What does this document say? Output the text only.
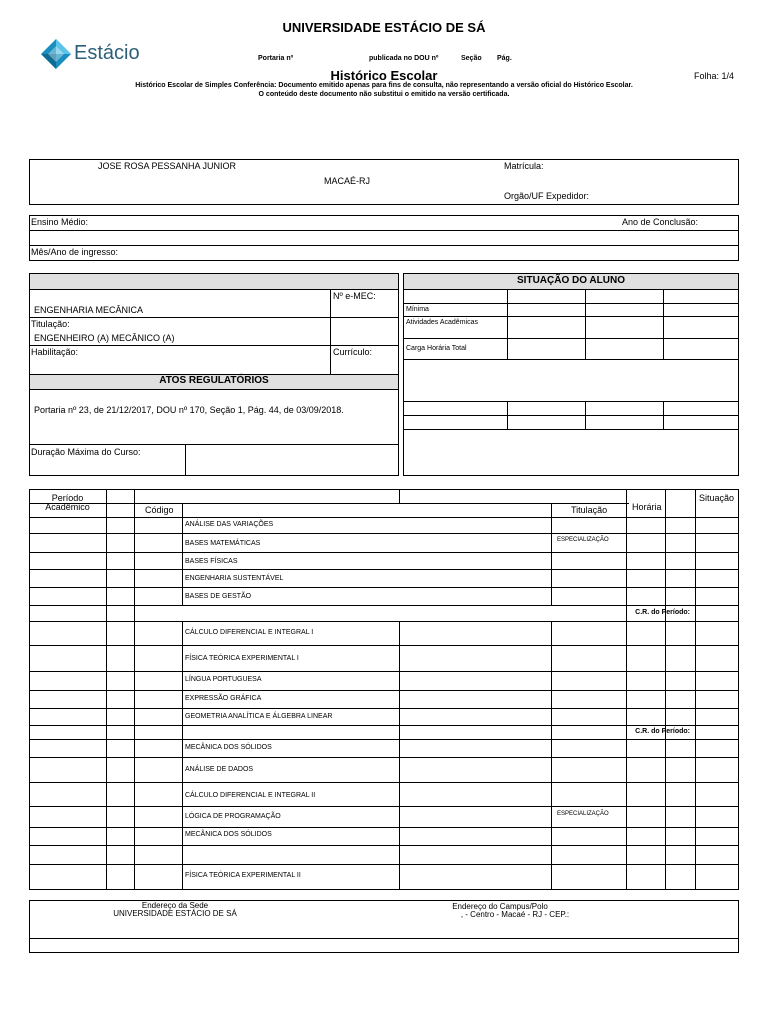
UNIVERSIDADE ESTÁCIO DE SÁ
Estácio	Portaria nº	publicada no DOU nº	Seção Pág.
Histórico Escolar	Folha: 1/4
Histórico Escolar de Simples Conferência: Documento emitido apenas para fins de consulta, não representando a versão oficial do Histórico Escolar.
O conteúdo deste documento não substitui o emitido na versão certificada.
JOSE ROSA PESSANHA JUNIOR	Matrícula:
MACAÉ-RJ
Orgão/UF Expedidor:
Ensino Médio:	Ano de Conclusão:
Mês/Ano de ingresso:
Nº e-MEC:
ENGENHARIA MECÂNICA
Titulação:
ENGENHEIRO (A) MECÂNICO (A)
Habilitação:	Currículo:
ATOS REGULATÓRIOS
Portaria nº 23, de 21/12/2017, DOU nº 170, Seção 1, Pág. 44, de 03/09/2018.
Duração Máxima do Curso:
SITUAÇÃO DO ALUNO
Mínima
Atividades Acadêmicas
Carga Horária Total
Período
Acadêmico	Código	Titulação	Horária
Situação
ANÁLISE DAS VARIAÇÕES
BASES MATEMÁTICAS	ESPECIALIZAÇÃO
BASES FÍSICAS
ENGENHARIA SUSTENTÁVEL
BASES DE GESTÃO
C.R. do Período:
CÁLCULO DIFERENCIAL E INTEGRAL I
FÍSICA TEÓRICA EXPERIMENTAL I
LÍNGUA PORTUGUESA
EXPRESSÃO GRÁFICA
GEOMETRIA ANALÍTICA E ÁLGEBRA LINEAR
C.R. do Período:
MECÂNICA DOS SÓLIDOS
ANÁLISE DE DADOS
CÁLCULO DIFERENCIAL E INTEGRAL II
LÓGICA DE PROGRAMAÇÃO	ESPECIALIZAÇÃO
MECÂNICA DOS SÓLIDOS
FÍSICA TEÓRICA EXPERIMENTAL II
Endereço da Sede
UNIVERSIDADE ESTÁCIO DE SÁ
Endereço do Campus/Polo
, - Centro - Macaé - RJ - CEP.:
